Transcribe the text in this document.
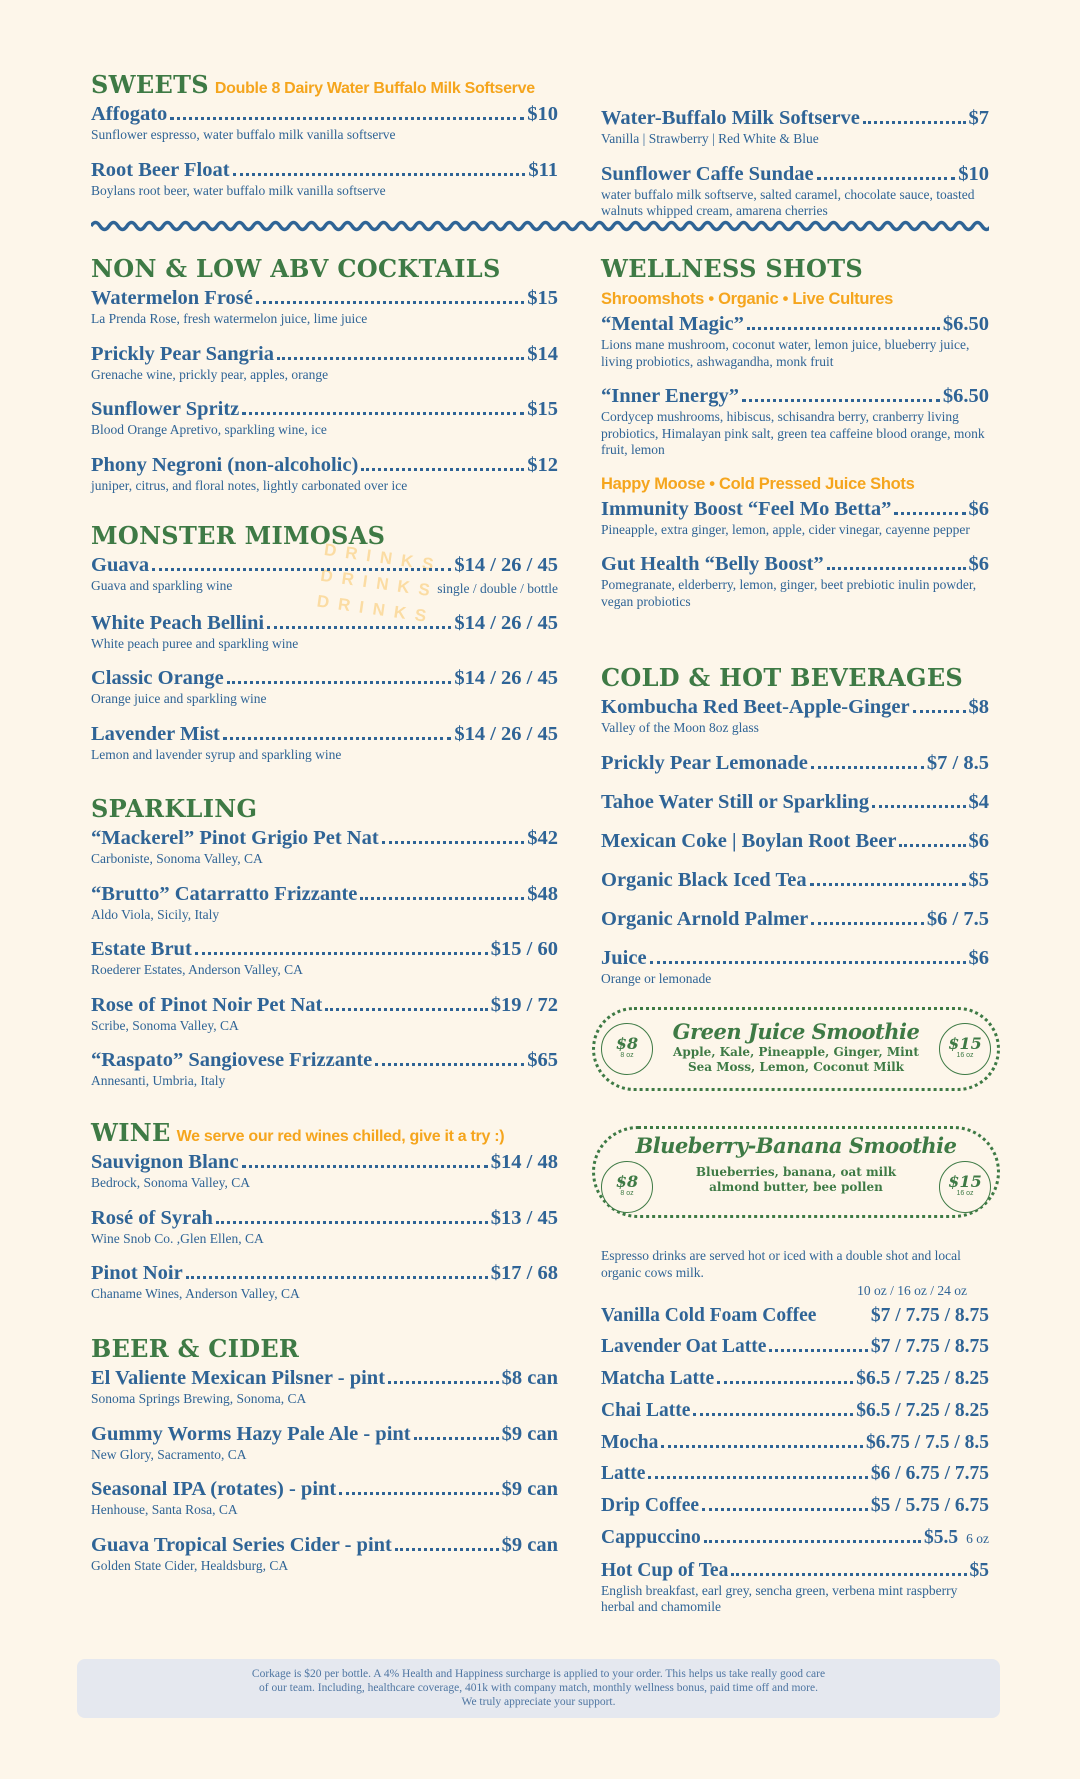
DRINKS
DRINKS
DRINKS
SWEETS Double 8 Dairy Water Buffalo Milk Softserve
Affogato	$10
Sunflower espresso, water buffalo milk vanilla softserve
Root Beer Float	$11
Boylans root beer, water buffalo milk vanilla softserve
Water-Buffalo Milk Softserve	$7
Vanilla | Strawberry | Red White & Blue
Sunflower Caffe Sundae	$10
water buffalo milk softserve, salted caramel, chocolate sauce, toasted walnuts whipped cream, amarena cherries
NON & LOW ABV COCKTAILS
Watermelon Frosé	$15
La Prenda Rose, fresh watermelon juice, lime juice
Prickly Pear Sangria	$14
Grenache wine, prickly pear, apples, orange
Sunflower Spritz	$15
Blood Orange Apretivo, sparkling wine, ice
Phony Negroni (non-alcoholic)	$12
juniper, citrus, and floral notes, lightly carbonated over ice
MONSTER MIMOSAS
Guava	$14 / 26 / 45
Guava and sparkling wine	single / double / bottle
White Peach Bellini	$14 / 26 / 45
White peach puree and sparkling wine
Classic Orange	$14 / 26 / 45
Orange juice and sparkling wine
Lavender Mist	$14 / 26 / 45
Lemon and lavender syrup and sparkling wine
SPARKLING
“Mackerel” Pinot Grigio Pet Nat	$42
Carboniste, Sonoma Valley, CA
“Brutto” Catarratto Frizzante	$48
Aldo Viola, Sicily, Italy
Estate Brut	$15 / 60
Roederer Estates, Anderson Valley, CA
Rose of Pinot Noir Pet Nat	$19 / 72
Scribe, Sonoma Valley, CA
“Raspato” Sangiovese Frizzante	$65
Annesanti, Umbria, Italy
WINE We serve our red wines chilled, give it a try :)
Sauvignon Blanc	$14 / 48
Bedrock, Sonoma Valley, CA
Rosé of Syrah	$13 / 45
Wine Snob Co. ,Glen Ellen, CA
Pinot Noir	$17 / 68
Chaname Wines, Anderson Valley, CA
BEER & CIDER
El Valiente Mexican Pilsner - pint	$8 can
Sonoma Springs Brewing, Sonoma, CA
Gummy Worms Hazy Pale Ale - pint	$9 can
New Glory, Sacramento, CA
Seasonal IPA (rotates) - pint	$9 can
Henhouse, Santa Rosa, CA
Guava Tropical Series Cider - pint	$9 can
Golden State Cider, Healdsburg, CA
WELLNESS SHOTS
Shroomshots • Organic • Live Cultures
“Mental Magic”	$6.50
Lions mane mushroom, coconut water, lemon juice, blueberry juice, living probiotics, ashwagandha, monk fruit
“Inner Energy”	$6.50
Cordycep mushrooms, hibiscus, schisandra berry, cranberry living probiotics, Himalayan pink salt, green tea caffeine blood orange, monk fruit, lemon
Happy Moose • Cold Pressed Juice Shots
Immunity Boost “Feel Mo Betta”	$6
Pineapple, extra ginger, lemon, apple, cider vinegar, cayenne pepper
Gut Health “Belly Boost”	$6
Pomegranate, elderberry, lemon, ginger, beet prebiotic inulin powder, vegan probiotics
COLD & HOT BEVERAGES
Kombucha Red Beet-Apple-Ginger	$8
Valley of the Moon 8oz glass
Prickly Pear Lemonade	$7 / 8.5
Tahoe Water Still or Sparkling	$4
Mexican Coke | Boylan Root Beer	$6
Organic Black Iced Tea	$5
Organic Arnold Palmer	$6 / 7.5
Juice	$6
Orange or lemonade
$8
8 oz
$15
16 oz
Green Juice Smoothie
Apple, Kale, Pineapple, Ginger, Mint
Sea Moss, Lemon, Coconut Milk
$8
8 oz
$15
16 oz
Blueberry-Banana Smoothie
Blueberries, banana, oat milk
almond butter, bee pollen
Espresso drinks are served hot or iced with a double shot and local organic cows milk.
10 oz / 16 oz / 24 oz
Vanilla Cold Foam Coffee	$7 / 7.75 / 8.75
Lavender Oat Latte	$7 / 7.75 / 8.75
Matcha Latte	$6.5 / 7.25 / 8.25
Chai Latte	$6.5 / 7.25 / 8.25
Mocha	$6.75 / 7.5 / 8.5
Latte	$6 / 6.75 / 7.75
Drip Coffee	$5 / 5.75 / 6.75
Cappuccino	$5.5 6 oz
Hot Cup of Tea	$5
English breakfast, earl grey, sencha green, verbena mint raspberry herbal and chamomile
Corkage is $20 per bottle. A 4% Health and Happiness surcharge is applied to your order. This helps us take really good care
of our team. Including, healthcare coverage, 401k with company match, monthly wellness bonus, paid time off and more.
We truly appreciate your support.
